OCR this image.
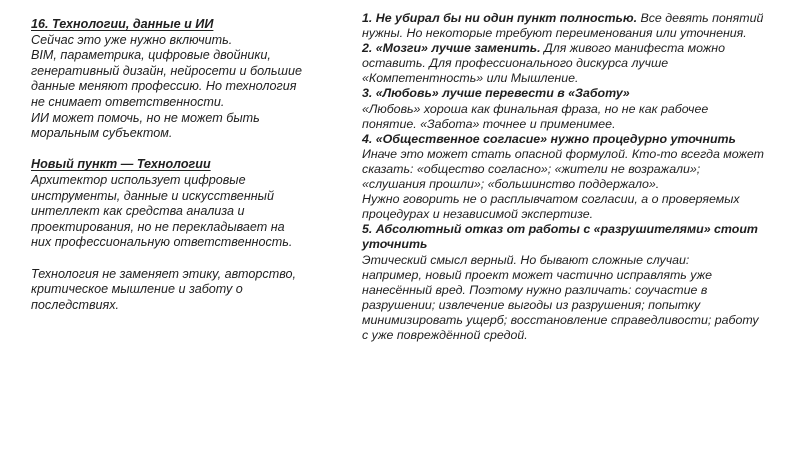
16. Технологии, данные и ИИ
Сейчас это уже нужно включить.
BIM, параметрика, цифровые двойники,
генеративный дизайн, нейросети и большие
данные меняют профессию. Но технология
не снимает ответственности.
ИИ может помочь, но не может быть
моральным субъектом.
Новый пункт — Технологии
Архитектор использует цифровые
инструменты, данные и искусственный
интеллект как средства анализа и
проектирования, но не перекладывает на
них профессиональную ответственность.
Технология не заменяет этику, авторство,
критическое мышление и заботу о
последствиях.
1. Не убирал бы ни один пункт полностью. Все девять понятий
нужны. Но некоторые требуют переименования или уточнения.
2. «Мозги» лучше заменить. Для живого манифеста можно
оставить. Для профессионального дискурса лучше
«Компетентность» или Мышление.
3. «Любовь» лучше перевести в «Заботу»
«Любовь» хороша как финальная фраза, но не как рабочее
понятие. «Забота» точнее и применимее.
4. «Общественное согласие» нужно процедурно уточнить
Иначе это может стать опасной формулой. Кто-то всегда может
сказать: «общество согласно»; «жители не возражали»;
«слушания прошли»; «большинство поддержало».
Нужно говорить не о расплывчатом согласии, а о проверяемых
процедурах и независимой экспертизе.
5. Абсолютный отказ от работы с «разрушителями» стоит
уточнить
Этический смысл верный. Но бывают сложные случаи:
например, новый проект может частично исправлять уже
нанесённый вред. Поэтому нужно различать: соучастие в
разрушении; извлечение выгоды из разрушения; попытку
минимизировать ущерб; восстановление справедливости; работу
с уже повреждённой средой.
